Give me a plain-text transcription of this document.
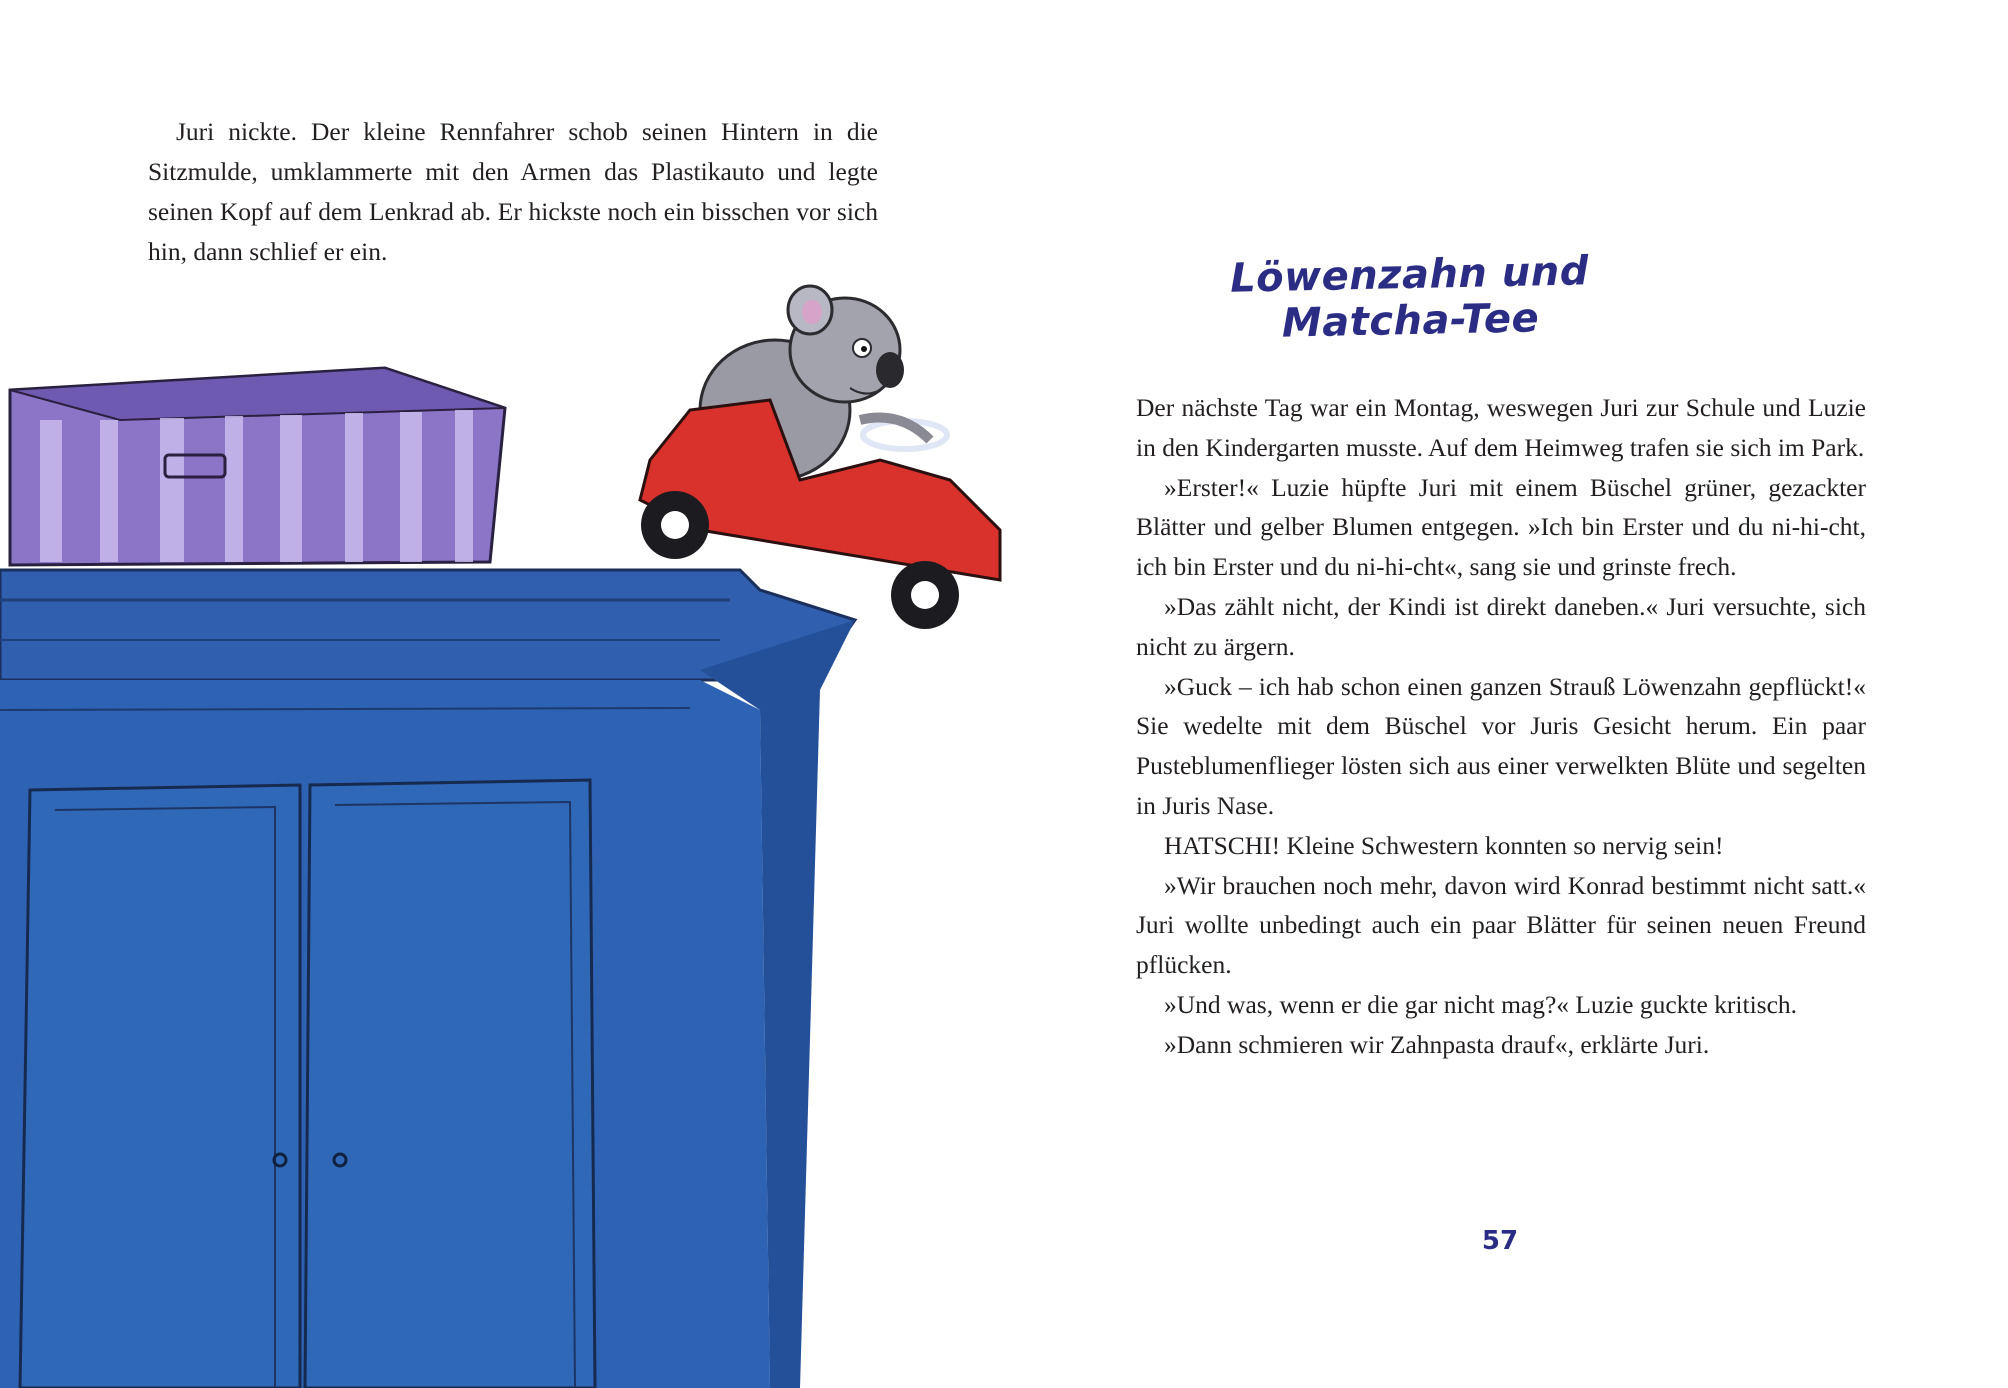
Juri nickte. Der kleine Rennfahrer schob seinen Hintern in die Sitzmulde, umklammerte mit den Armen das Plastikauto und legte seinen Kopf auf dem Lenkrad ab. Er hickste noch ein bisschen vor sich hin, dann schlief er ein.	Löwenzahn und Matcha-Tee

Der nächste Tag war ein Montag, weswegen Juri zur Schule und Luzie in den Kindergarten musste. Auf dem Heimweg trafen sie sich im Park.

»Erster!« Luzie hüpfte Juri mit einem Büschel grüner, gezackter Blätter und gelber Blumen entgegen. »Ich bin Erster und du ni-hi-cht, ich bin Erster und du ni-hi-cht«, sang sie und grinste frech.

»Das zählt nicht, der Kindi ist direkt daneben.« Juri versuchte, sich nicht zu ärgern.

»Guck – ich hab schon einen ganzen Strauß Löwenzahn gepflückt!« Sie wedelte mit dem Büschel vor Juris Gesicht herum. Ein paar Pusteblumenflieger lösten sich aus einer verwelkten Blüte und segelten in Juris Nase.

HATSCHI! Kleine Schwestern konnten so nervig sein!

»Wir brauchen noch mehr, davon wird Konrad bestimmt nicht satt.« Juri wollte unbedingt auch ein paar Blätter für seinen neuen Freund pflücken.

»Und was, wenn er die gar nicht mag?« Luzie guckte kritisch.

»Dann schmieren wir Zahnpasta drauf«, erklärte Juri.

57
